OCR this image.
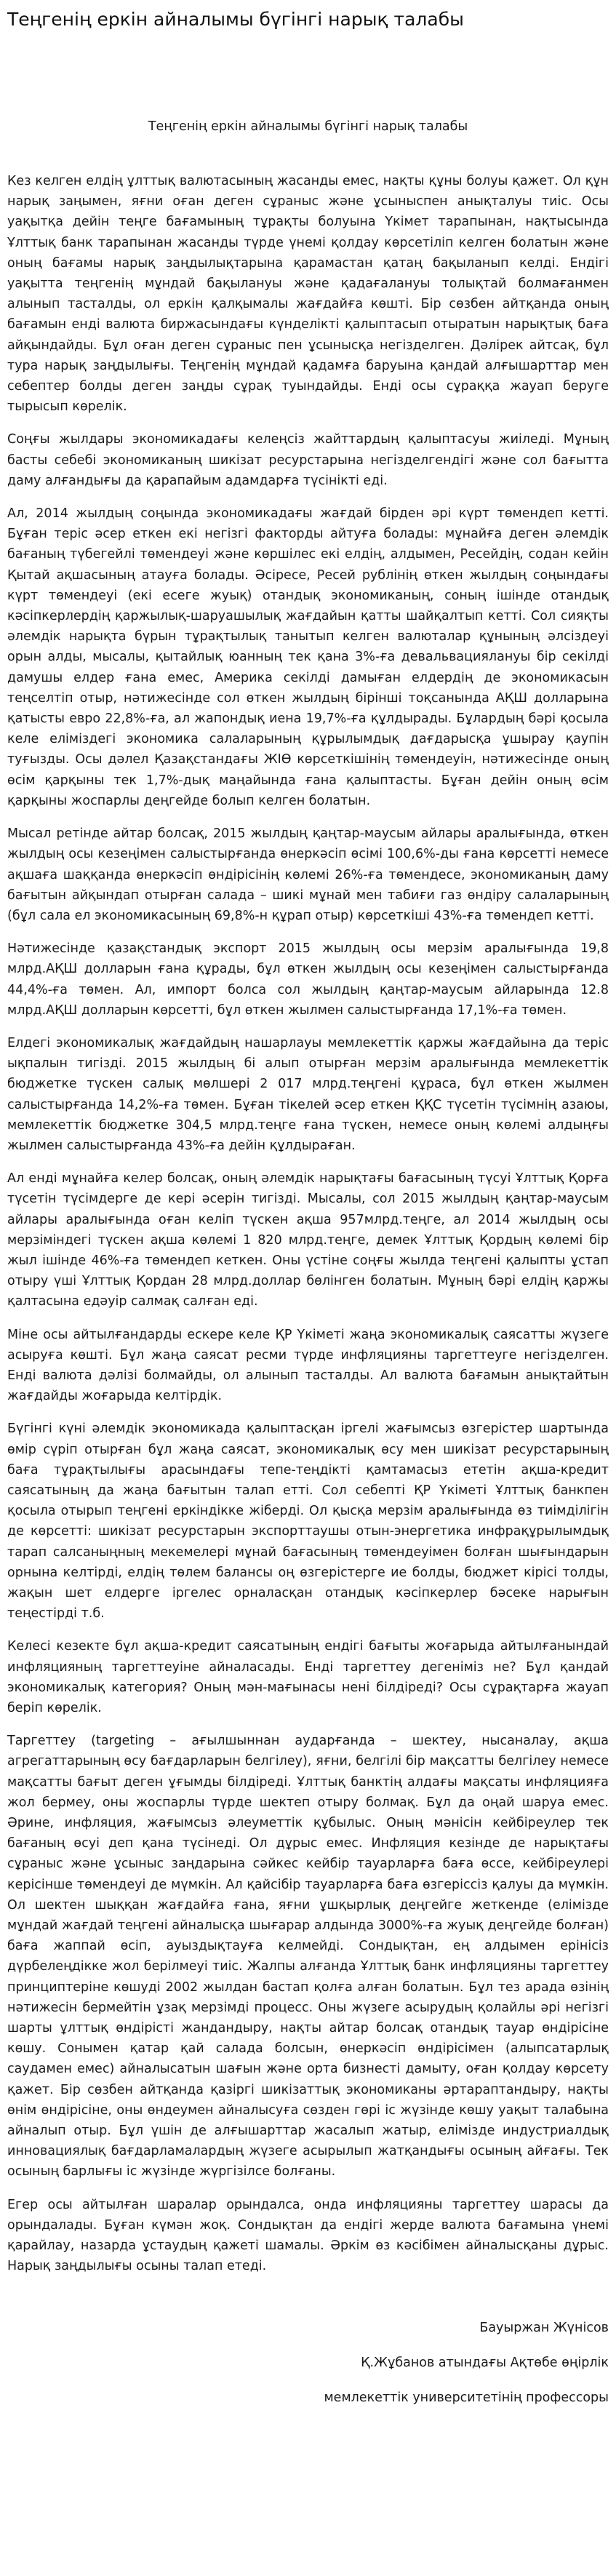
Теңгенің еркін айналымы бүгінгі нарық талабы
Теңгенің еркін айналымы бүгінгі нарық талабы

Кез келген елдің ұлттық валютасының жасанды емес, нақты құны болуы қажет. Ол құн нарық заңымен, яғни оған деген сұраныс және ұсыныспен анықталуы тиіс. Осы уақытқа дейін теңге бағамының тұрақты болуына Үкімет тарапынан, нақтысында Ұлттық банк тарапынан жасанды түрде үнемі қолдау көрсетіліп келген болатын және оның бағамы нарық заңдылықтарына қарамастан қатаң бақыланып келді. Ендігі уақытта теңгенің мұндай бақылануы және қадағалануы толықтай болмағанмен алынып тасталды, ол еркін қалқымалы жағдайға көшті. Бір сөзбен айтқанда оның бағамын енді валюта биржасындағы күнделікті қалыптасып отыратын нарықтық баға айқындайды. Бұл оған деген сұраныс пен ұсынысқа негізделген. Дәлірек айтсақ, бұл тура нарық заңдылығы. Теңгенің мұндай қадамға баруына қандай алғышарттар мен себептер болды деген заңды сұрақ туындайды. Енді осы сұраққа жауап беруге тырысып көрелік.

Соңғы жылдары экономикадағы келеңсіз жайттардың қалыптасуы жиіледі. Мұның басты себебі экономиканың шикізат ресурстарына негізделгендігі және сол бағытта даму алғандығы да қарапайым адамдарға түсінікті еді.

Ал, 2014 жылдың соңында экономикадағы жағдай бірден әрі күрт төмендеп кетті. Бұған теріс әсер еткен екі негізгі факторды айтуға болады: мұнайға деген әлемдік бағаның түбегейлі төмендеуі және көршілес екі елдің, алдымен, Ресейдің, содан кейін Қытай ақшасының атауға болады. Әсіресе, Ресей рублінің өткен жылдың соңындағы күрт төмендеуі (екі есеге жуық) отандық экономиканың, соның ішінде отандық кәсіпкерлердің қаржылық-шаруашылық жағдайын қатты шайқалтып кетті. Сол сияқты әлемдік нарықта бүрын тұрақтылық танытып келген валюталар құнының әлсіздеуі орын алды, мысалы, қытайлық юанның тек қана 3%-ға девальвациялануы бір секілді дамушы елдер ғана емес, Америка секілді дамыған елдердің де экономикасын теңселтіп отыр, нәтижесінде сол өткен жылдың бірінші тоқсанында АҚШ долларына қатысты евро 22,8%-ға, ал жапондық иена 19,7%-ға құлдырады. Бұлардың бәрі қосыла келе еліміздегі экономика салаларының құрылымдық дағдарысқа ұшырау қаупін туғызды. Осы дәлел Қазақстандағы ЖІӨ көрсеткішінің төмендеуін, нәтижесінде оның өсім қарқыны тек 1,7%-дық маңайында ғана қалыптасты. Бұған дейін оның өсім қарқыны жоспарлы деңгейде болып келген болатын.

Мысал ретінде айтар болсақ, 2015 жылдың қаңтар-маусым айлары аралығында, өткен жылдың осы кезеңімен салыстырғанда өнеркәсіп өсімі 100,6%-ды ғана көрсетті немесе ақшаға шаққанда өнеркәсіп өндірісінің көлемі 26%-ға төмендесе, экономиканың даму бағытын айқындап отырған салада – шикі мұнай мен табиғи газ өндіру салаларының (бұл сала ел экономикасының 69,8%-н құрап отыр) көрсеткіші 43%-ға төмендеп кетті.

Нәтижесінде қазақстандық экспорт 2015 жылдың осы мерзім аралығында 19,8 млрд.АҚШ долларын ғана құрады, бұл өткен жылдың осы кезеңімен салыстырғанда 44,4%-ға төмен. Ал, импорт болса сол жылдың қаңтар-маусым айларында 12.8 млрд.АҚШ долларын көрсетті, бұл өткен жылмен салыстырғанда 17,1%-ға төмен.

Елдегі экономикалық жағдайдың нашарлауы мемлекеттік қаржы жағдайына да теріс ықпалын тигізді. 2015 жылдың бі алып отырған мерзім аралығында мемлекеттік бюджетке түскен салық мөлшері 2 017 млрд.теңгені құраса, бұл өткен жылмен салыстырғанда 14,2%-ға төмен. Бұған тікелей әсер еткен ҚҚС түсетін түсімнің азаюы, мемлекеттік бюджетке 304,5 млрд.теңге ғана түскен, немесе оның көлемі алдыңғы жылмен салыстырғанда 43%-ға дейін құлдыраған.

Ал енді мұнайға келер болсақ, оның әлемдік нарықтағы бағасының түсуі Ұлттық Қорға түсетін түсімдерге де кері әсерін тигізді. Мысалы, сол 2015 жылдың қаңтар-маусым айлары аралығында оған келіп түскен ақша 957млрд.теңге, ал 2014 жылдың осы мерзіміндегі түскен ақша көлемі 1 820 млрд.теңге, демек Ұлттық Қордың көлемі бір жыл ішінде 46%-ға төмендеп кеткен. Оны үстіне соңғы жылда теңгені қалыпты ұстап отыру үші Ұлттық Қордан 28 млрд.доллар бөлінген болатын. Мұның бәрі елдің қаржы қалтасына едәуір салмақ салған еді.

Міне осы айтылғандарды ескере келе ҚР Үкіметі жаңа экономикалық саясатты жүзеге асыруға көшті. Бұл жаңа саясат ресми түрде инфляцияны таргеттеуге негізделген. Енді валюта дәлізі болмайды, ол алынып тасталды. Ал валюта бағамын анықтайтын жағдайды жоғарыда келтірдік.

Бүгінгі күні әлемдік экономикада қалыптасқан іргелі жағымсыз өзгерістер шартында өмір сүріп отырған бұл жаңа саясат, экономикалық өсу мен шикізат ресурстарының баға тұрақтылығы арасындағы тепе-теңдікті қамтамасыз ететін ақша-кредит саясатының да жаңа бағытын талап етті. Сол себепті ҚР Үкіметі Ұлттық банкпен қосыла отырып теңгені еркіндікке жіберді. Ол қысқа мерзім аралығында өз тиімділігін де көрсетті: шикізат ресурстарын экспорттаушы отын-энергетика инфрақұрылымдық тарап салсаныңның мекемелері мұнай бағасының төмендеуімен болған шығындарын орнына келтірді, елдің төлем балансы оң өзгерістерге ие болды, бюджет кірісі толды, жақын шет елдерге іргелес орналасқан отандық кәсіпкерлер бәсеке нарығын теңестірді т.б.

Келесі кезекте бұл ақша-кредит саясатының ендігі бағыты жоғарыда айтылғанындай инфляцияның таргеттеуіне айналасады. Енді таргеттеу дегеніміз не? Бұл қандай экономикалық категория? Оның мән-мағынасы нені білдіреді? Осы сұрақтарға жауап беріп көрелік.

Таргеттеу (targeting – ағылшыннан аударғанда – шектеу, нысаналау, ақша агрегаттарының өсу бағдарларын белгілеу), яғни, белгілі бір мақсатты белгілеу немесе мақсатты бағыт деген ұғымды білдіреді. Ұлттық банктің алдағы мақсаты инфляцияға жол бермеу, оны жоспарлы түрде шектеп отыру болмақ. Бұл да оңай шаруа емес. Әрине, инфляция, жағымсыз әлеуметтік құбылыс. Оның мәнісін кейбіреулер тек бағаның өсуі деп қана түсінеді. Ол дұрыс емес. Инфляция кезінде де нарықтағы сұраныс және ұсыныс заңдарына сәйкес кейбір тауарларға баға өссе, кейбіреулері керісінше төмендеуі де мүмкін. Ал қайсібір тауарларға баға өзгеріссіз қалуы да мүмкін. Ол шектен шыққан жағдайға ғана, яғни ұшқырлық деңгейге жеткенде (елімізде мұндай жағдай теңгені айналысқа шығарар алдында 3000%-ға жуық деңгейде болған) баға жаппай өсіп, ауыздықтауға келмейді. Сондықтан, ең алдымен ерінісіз дүрбелеңдікке жол берілмеуі тиіс. Жалпы алғанда Ұлттық банк инфляцияны таргеттеу принциптеріне көшуді 2002 жылдан бастап қолға алған болатын. Бұл тез арада өзінің нәтижесін бермейтін ұзақ мерзімді процесс. Оны жүзеге асырудың қолайлы әрі негізгі шарты ұлттық өндірісті жандандыру, нақты айтар болсақ отандық тауар өндірісіне көшу. Сонымен қатар қай салада болсын, өнеркәсіп өндірісімен (алыпсатарлық саудамен емес) айналысатын шағын және орта бизнесті дамыту, оған қолдау көрсету қажет. Бір сөзбен айтқанда қазіргі шикізаттық экономиканы әртараптандыру, нақты өнім өндірісіне, оны өндеумен айналысуға сөзден гөрі іс жүзінде көшу уақыт талабына айналып отыр. Бұл үшін де алғышарттар жасалып жатыр, елімізде индустриалдық инновациялық бағдарламалардың жүзеге асырылып жатқандығы осының айғағы. Тек осының барлығы іс жүзінде жүргізілсе болғаны.

Егер осы айтылған шаралар орындалса, онда инфляцияны таргеттеу шарасы да орындалады. Бұған күмән жоқ. Сондықтан да ендігі жерде валюта бағамына үнемі қарайлау, назарда ұстаудың қажеті шамалы. Әркім өз кәсібімен айналысқаны дұрыс. Нарық заңдылығы осыны талап етеді.

Бауыржан Жүнісов

Қ.Жұбанов атындағы Ақтөбе өңірлік

мемлекеттік университетінің профессоры
